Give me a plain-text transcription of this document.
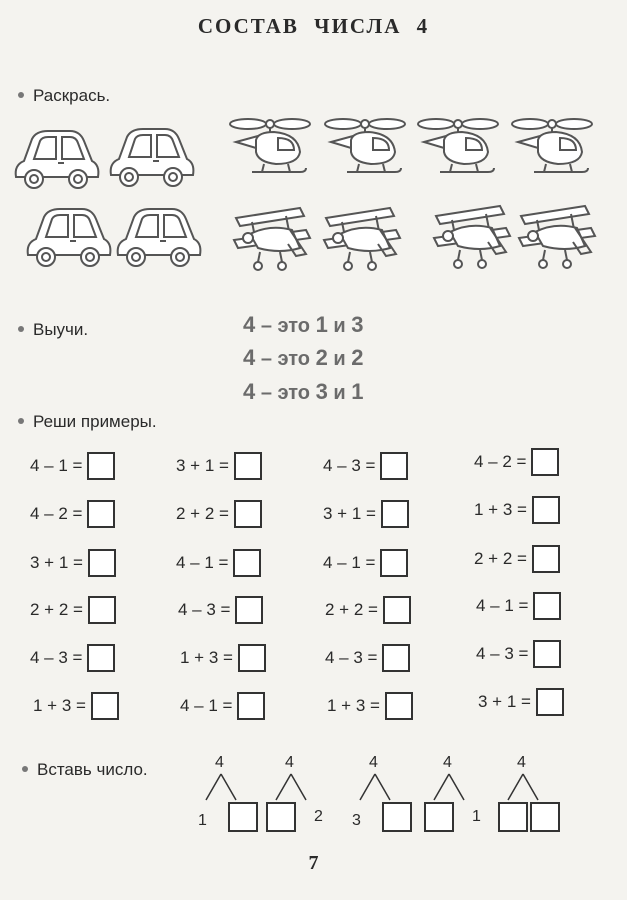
СОСТАВ ЧИСЛА 4
Раскрась.
Выучи.	4 – это 1 и 3
4 – это 2 и 2
4 – это 3 и 1
Реши примеры.
4 – 1 =	3 + 1 =	4 – 3 =	4 – 2 =
4 – 2 =	2 + 2 =	3 + 1 =	1 + 3 =
3 + 1 =	4 – 1 =	4 – 1 =	2 + 2 =
2 + 2 =	4 – 3 =	2 + 2 =	4 – 1 =
4 – 3 =	1 + 3 =	4 – 3 =	4 – 3 =
1 + 3 =	4 – 1 =	1 + 3 =	3 + 1 =
Вставь число.	4
1
4
2
4
3
4
1
4
7
